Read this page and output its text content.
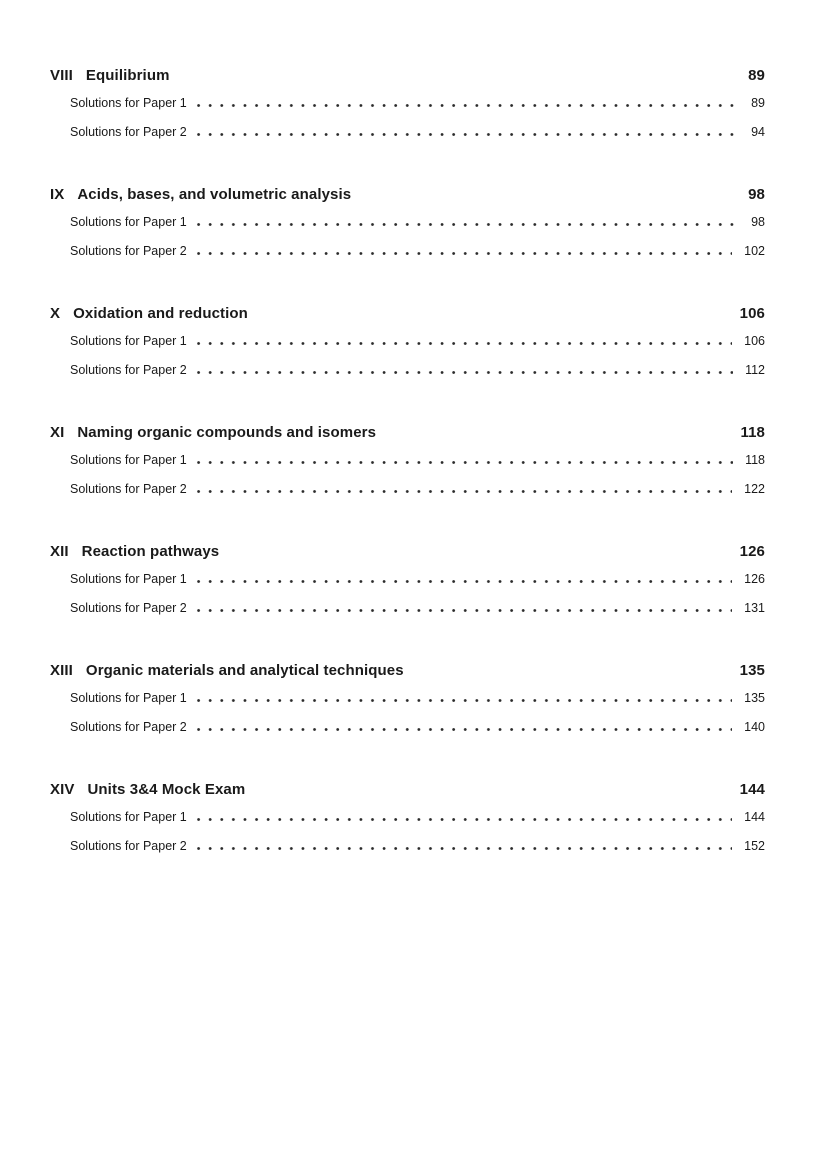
VIII Equilibrium	89
Solutions for Paper 1	89
Solutions for Paper 2	94
IX Acids, bases, and volumetric analysis	98
Solutions for Paper 1	98
Solutions for Paper 2	102
X Oxidation and reduction	106
Solutions for Paper 1	106
Solutions for Paper 2	112
XI Naming organic compounds and isomers	118
Solutions for Paper 1	118
Solutions for Paper 2	122
XII Reaction pathways	126
Solutions for Paper 1	126
Solutions for Paper 2	131
XIII Organic materials and analytical techniques	135
Solutions for Paper 1	135
Solutions for Paper 2	140
XIV Units 3&4 Mock Exam	144
Solutions for Paper 1	144
Solutions for Paper 2	152
